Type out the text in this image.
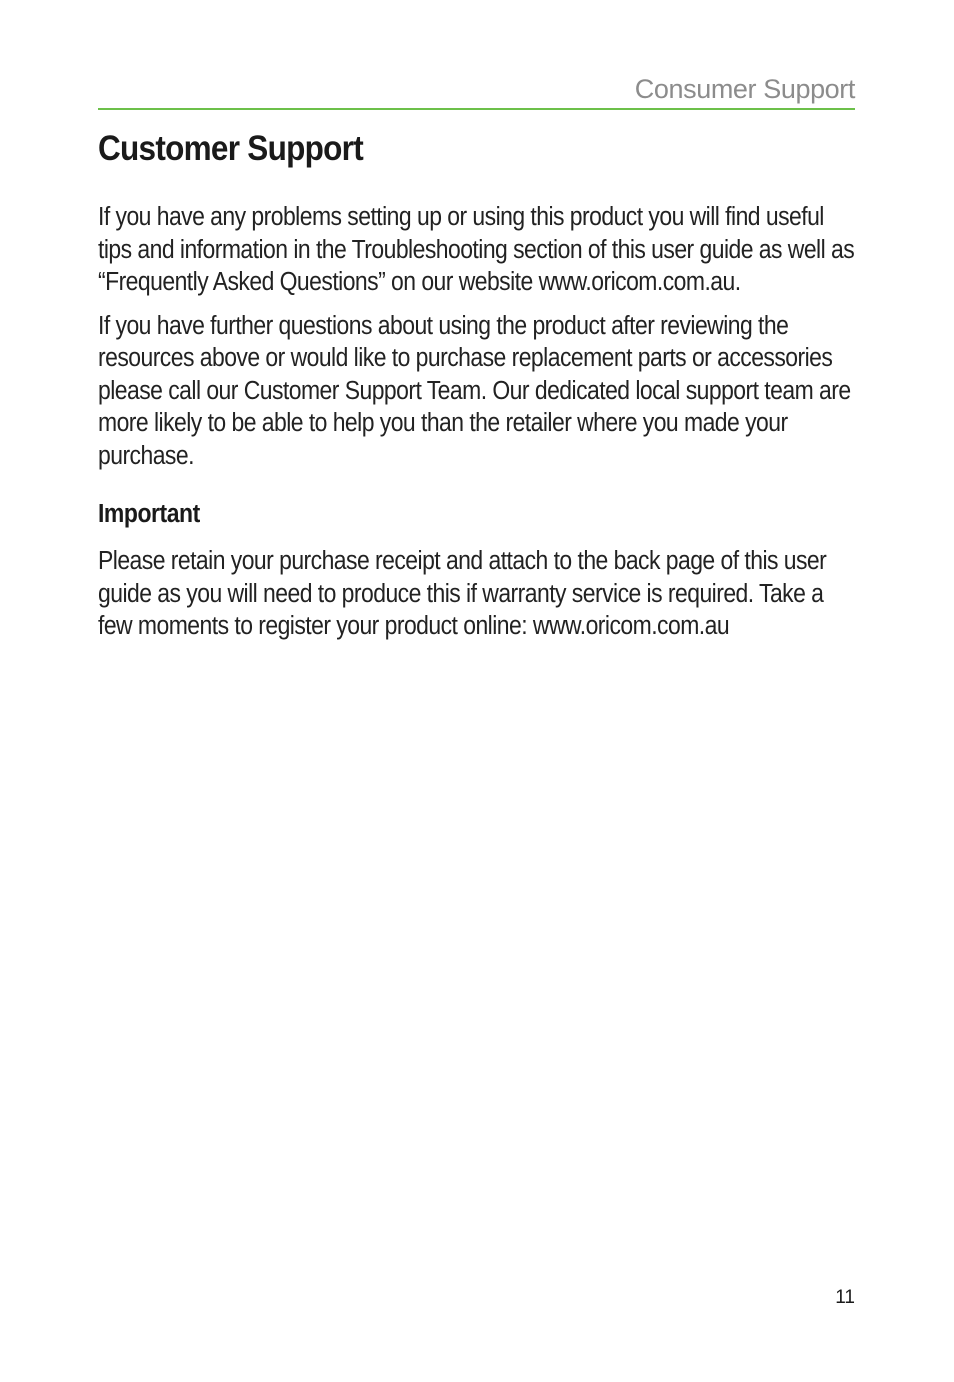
Consumer Support
Customer Support

If you have any problems setting up or using this product you will find useful tips and information in the Troubleshooting section of this user guide as well as “Frequently Asked Questions” on our website www.oricom.com.au.

If you have further questions about using the product after reviewing the resources above or would like to purchase replacement parts or accessories please call our Customer Support Team. Our dedicated local support team are more likely to be able to help you than the retailer where you made your purchase.

Important

Please retain your purchase receipt and attach to the back page of this user guide as you will need to produce this if warranty service is required. Take a few moments to register your product online: www.oricom.com.au

11
